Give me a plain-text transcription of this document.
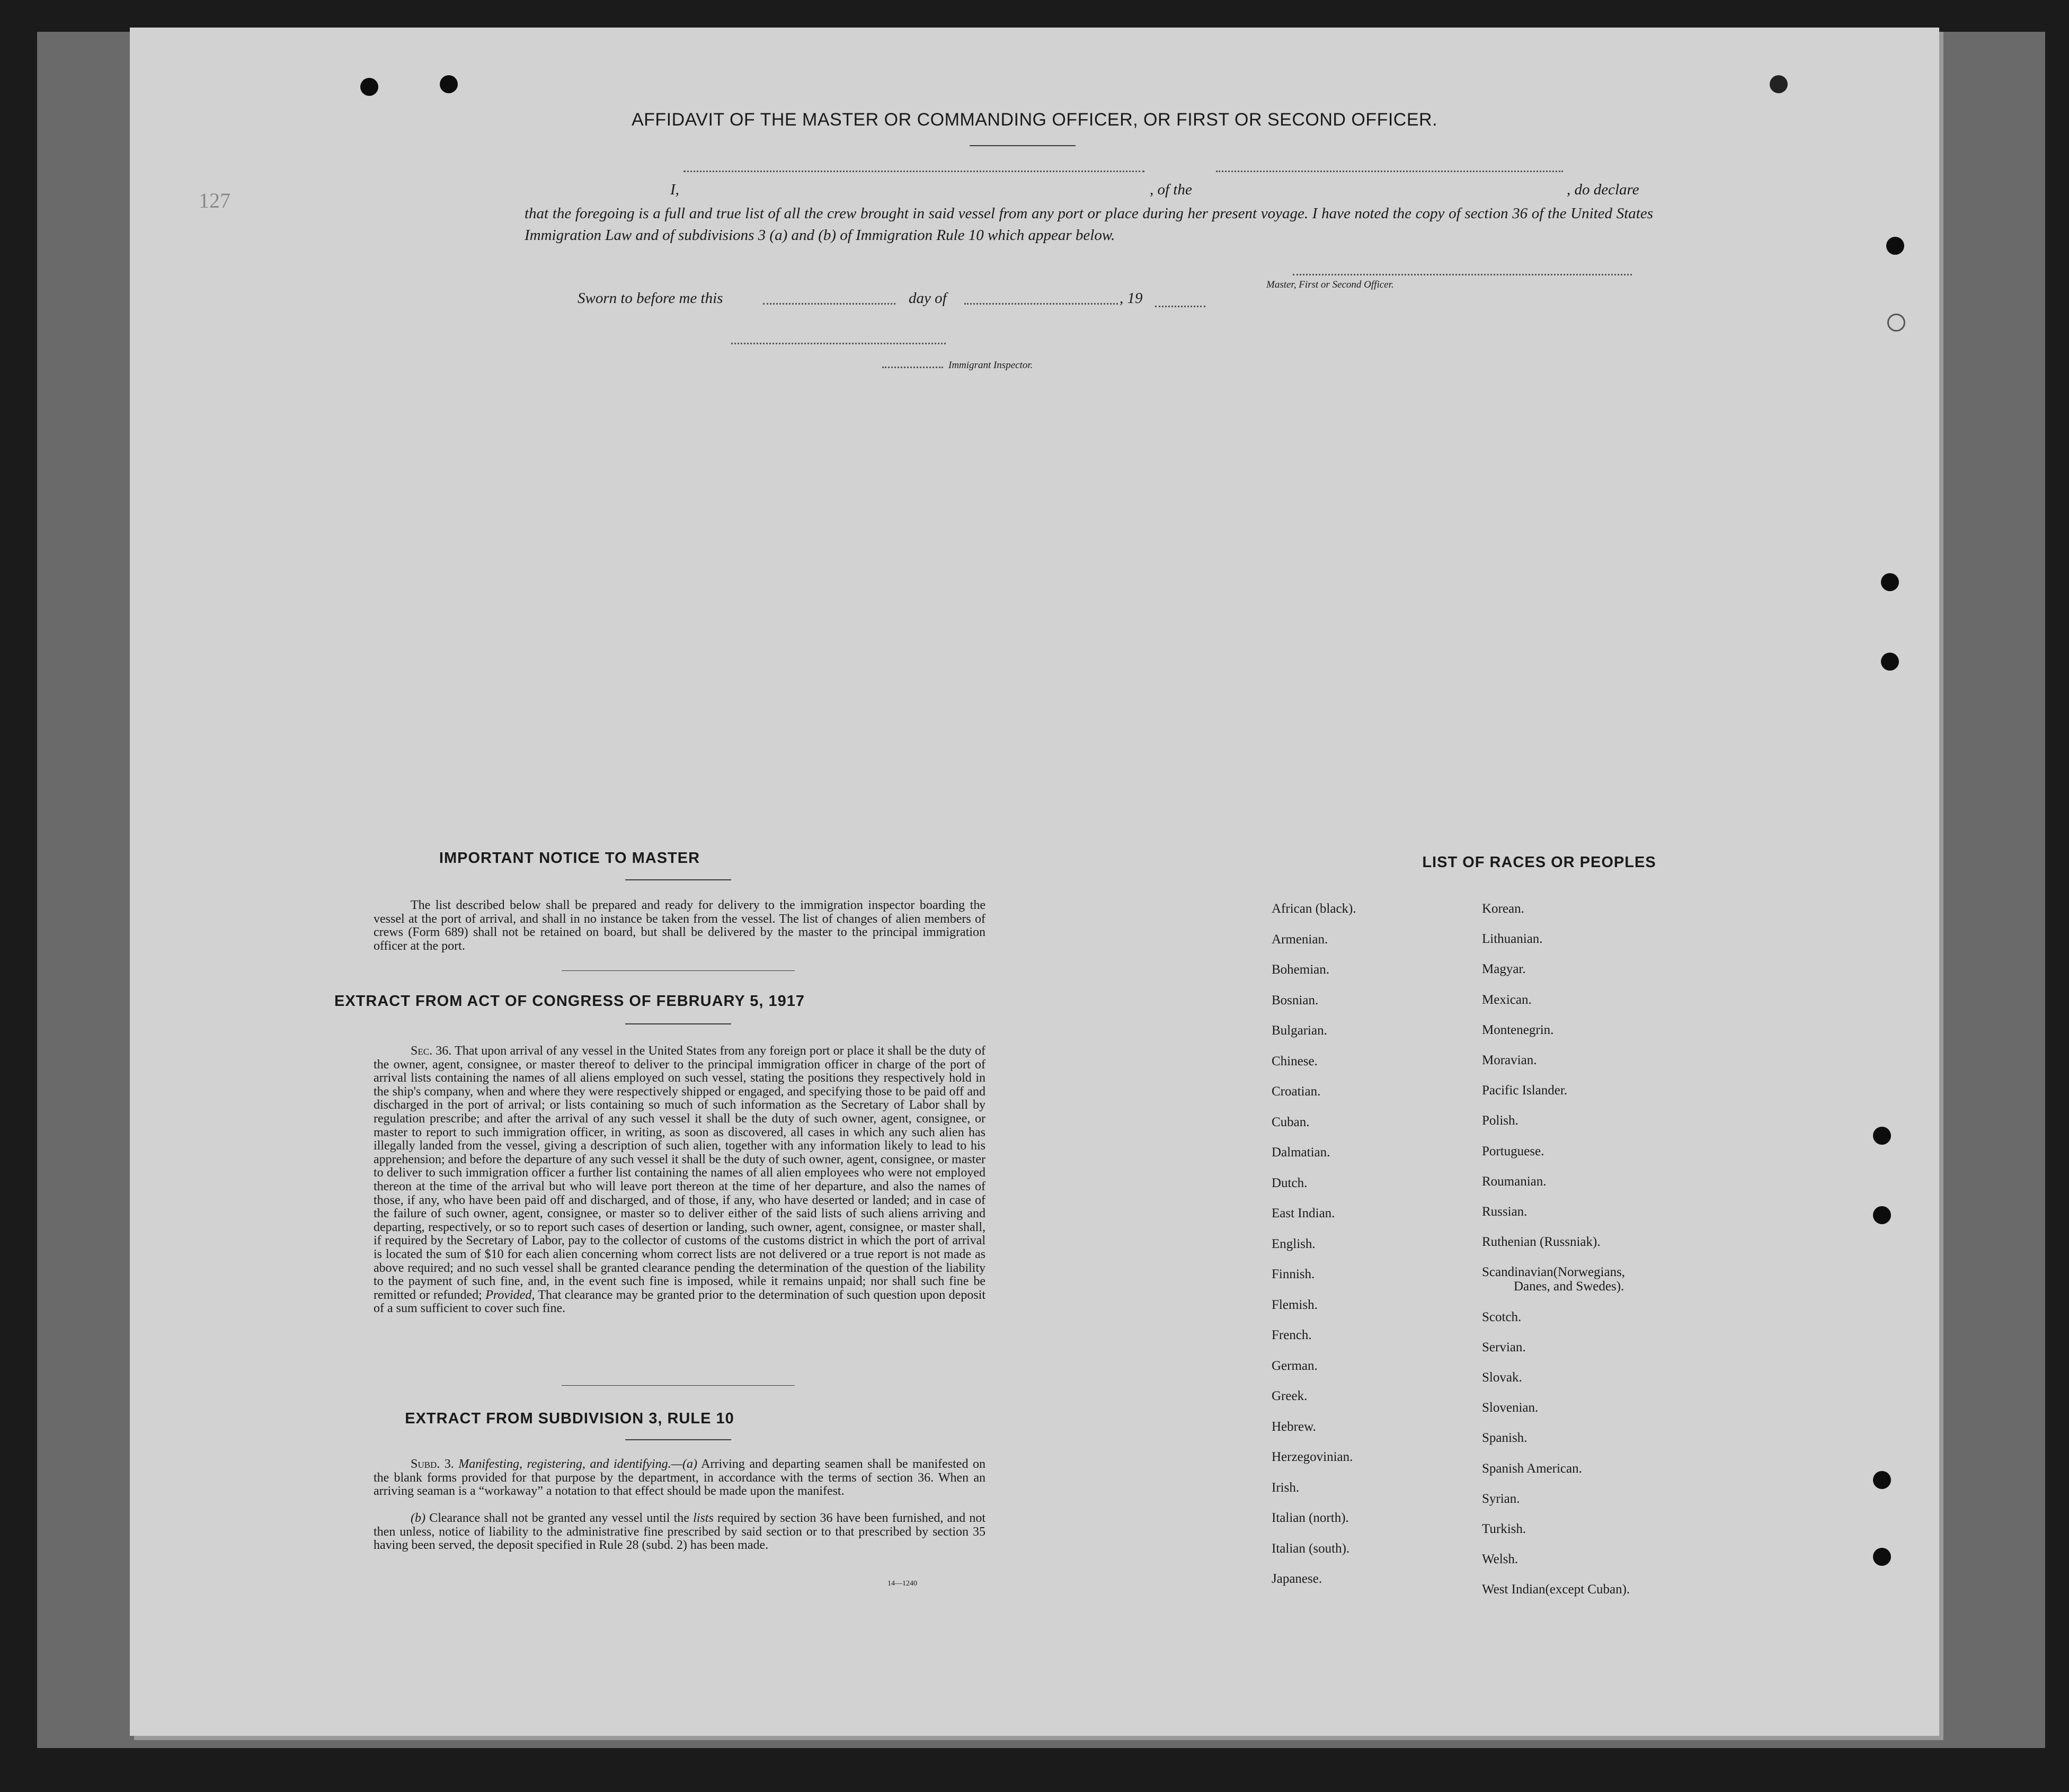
AFFIDAVIT OF THE MASTER OR COMMANDING OFFICER, OR FIRST OR SECOND OFFICER.
I,	, of the	, do declare
that the foregoing is a full and true list of all the crew brought in said vessel from any port or place during her present voyage. I have noted the copy of section 36 of the United States Immigration Law and of subdivisions 3 (a) and (b) of Immigration Rule 10 which appear below.
Master, First or Second Officer.
Sworn to before me this	day of	, 19
Immigrant Inspector.
IMPORTANT NOTICE TO MASTER
The list described below shall be prepared and ready for delivery to the immigration inspector boarding the vessel at the port of arrival, and shall in no instance be taken from the vessel. The list of changes of alien members of crews (Form 689) shall not be retained on board, but shall be delivered by the master to the principal immigration officer at the port.
EXTRACT FROM ACT OF CONGRESS OF FEBRUARY 5, 1917
Sec. 36. That upon arrival of any vessel in the United States from any foreign port or place it shall be the duty of the owner, agent, consignee, or master thereof to deliver to the principal immigration officer in charge of the port of arrival lists containing the names of all aliens employed on such vessel, stating the positions they respectively hold in the ship's company, when and where they were respectively shipped or engaged, and specifying those to be paid off and discharged in the port of arrival; or lists containing so much of such information as the Secretary of Labor shall by regulation prescribe; and after the arrival of any such vessel it shall be the duty of such owner, agent, consignee, or master to report to such immigration officer, in writing, as soon as discovered, all cases in which any such alien has illegally landed from the vessel, giving a description of such alien, together with any information likely to lead to his apprehension; and before the departure of any such vessel it shall be the duty of such owner, agent, consignee, or master to deliver to such immigration officer a further list containing the names of all alien employees who were not employed thereon at the time of the arrival but who will leave port thereon at the time of her departure, and also the names of those, if any, who have been paid off and discharged, and of those, if any, who have deserted or landed; and in case of the failure of such owner, agent, consignee, or master so to deliver either of the said lists of such aliens arriving and departing, respectively, or so to report such cases of desertion or landing, such owner, agent, consignee, or master shall, if required by the Secretary of Labor, pay to the collector of customs of the customs district in which the port of arrival is located the sum of $10 for each alien concerning whom correct lists are not delivered or a true report is not made as above required; and no such vessel shall be granted clearance pending the determination of the question of the liability to the payment of such fine, and, in the event such fine is imposed, while it remains unpaid; nor shall such fine be remitted or refunded; Provided, That clearance may be granted prior to the determination of such question upon deposit of a sum sufficient to cover such fine.
EXTRACT FROM SUBDIVISION 3, RULE 10
Subd. 3. Manifesting, registering, and identifying.—(a) Arriving and departing seamen shall be manifested on the blank forms provided for that purpose by the department, in accordance with the terms of section 36. When an arriving seaman is a “workaway” a notation to that effect should be made upon the manifest.
(b) Clearance shall not be granted any vessel until the lists required by section 36 have been furnished, and not then unless, notice of liability to the administrative fine prescribed by said section or to that prescribed by section 35 having been served, the deposit specified in Rule 28 (subd. 2) has been made.
14—1240
LIST OF RACES OR PEOPLES
African (black).
Armenian.
Bohemian.
Bosnian.
Bulgarian.
Chinese.
Croatian.
Cuban.
Dalmatian.
Dutch.
East Indian.
English.
Finnish.
Flemish.
French.
German.
Greek.
Hebrew.
Herzegovinian.
Irish.
Italian (north).
Italian (south).
Japanese.
Korean.
Lithuanian.
Magyar.
Mexican.
Montenegrin.
Moravian.
Pacific Islander.
Polish.
Portuguese.
Roumanian.
Russian.
Ruthenian (Russniak).
Scandinavian(Norwegians,
Danes, and Swedes).
Scotch.
Servian.
Slovak.
Slovenian.
Spanish.
Spanish American.
Syrian.
Turkish.
Welsh.
West Indian(except Cuban).
127
